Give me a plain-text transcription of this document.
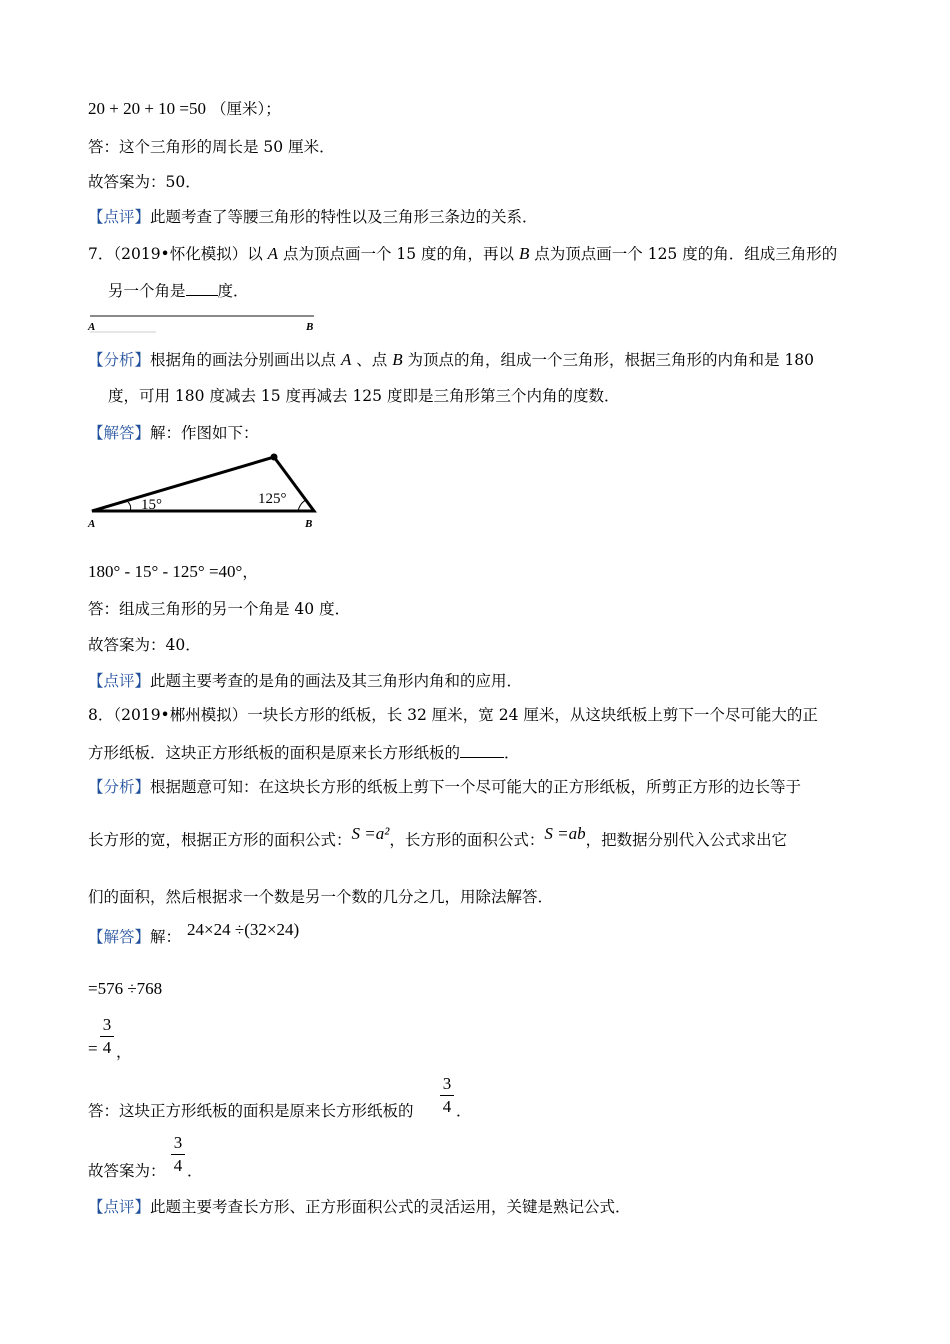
20 + 20 + 10 =50 （厘米）；
答：这个三角形的周长是 50 厘米．
故答案为：50．
【点评】此题考查了等腰三角形的特性以及三角形三条边的关系．
7．（2019•怀化模拟）以 A 点为顶点画一个 15 度的角，再以 B 点为顶点画一个 125 度的角．组成三角形的
另一个角是 度．
A	B
【分析】根据角的画法分别画出以点 A 、点 B 为顶点的角，组成一个三角形，根据三角形的内角和是 180
度，可用 180 度减去 15 度再减去 125 度即是三角形第三个内角的度数．
【解答】解：作图如下：
15°	125°
A	B
180° - 15° - 125° =40°，
答：组成三角形的另一个角是 40 度．
故答案为：40．
【点评】此题主要考查的是角的画法及其三角形内角和的应用．
8．（2019•郴州模拟）一块长方形的纸板，长 32 厘米，宽 24 厘米，从这块纸板上剪下一个尽可能大的正
方形纸板．这块正方形纸板的面积是原来长方形纸板的	．
【分析】根据题意可知：在这块长方形的纸板上剪下一个尽可能大的正方形纸板，所剪正方形的边长等于
长方形的宽，根据正方形的面积公式：S =a²，长方形的面积公式：S =ab，把数据分别代入公式求出它
们的面积，然后根据求一个数是另一个数的几分之几，用除法解答．
【解答】解： 24×24 ÷(32×24)
=576 ÷768
=
3
4 ，
答：这块正方形纸板的面积是原来长方形纸板的
3
4 ．
故答案为：
3
4 ．
【点评】此题主要考查长方形、正方形面积公式的灵活运用，关键是熟记公式．
